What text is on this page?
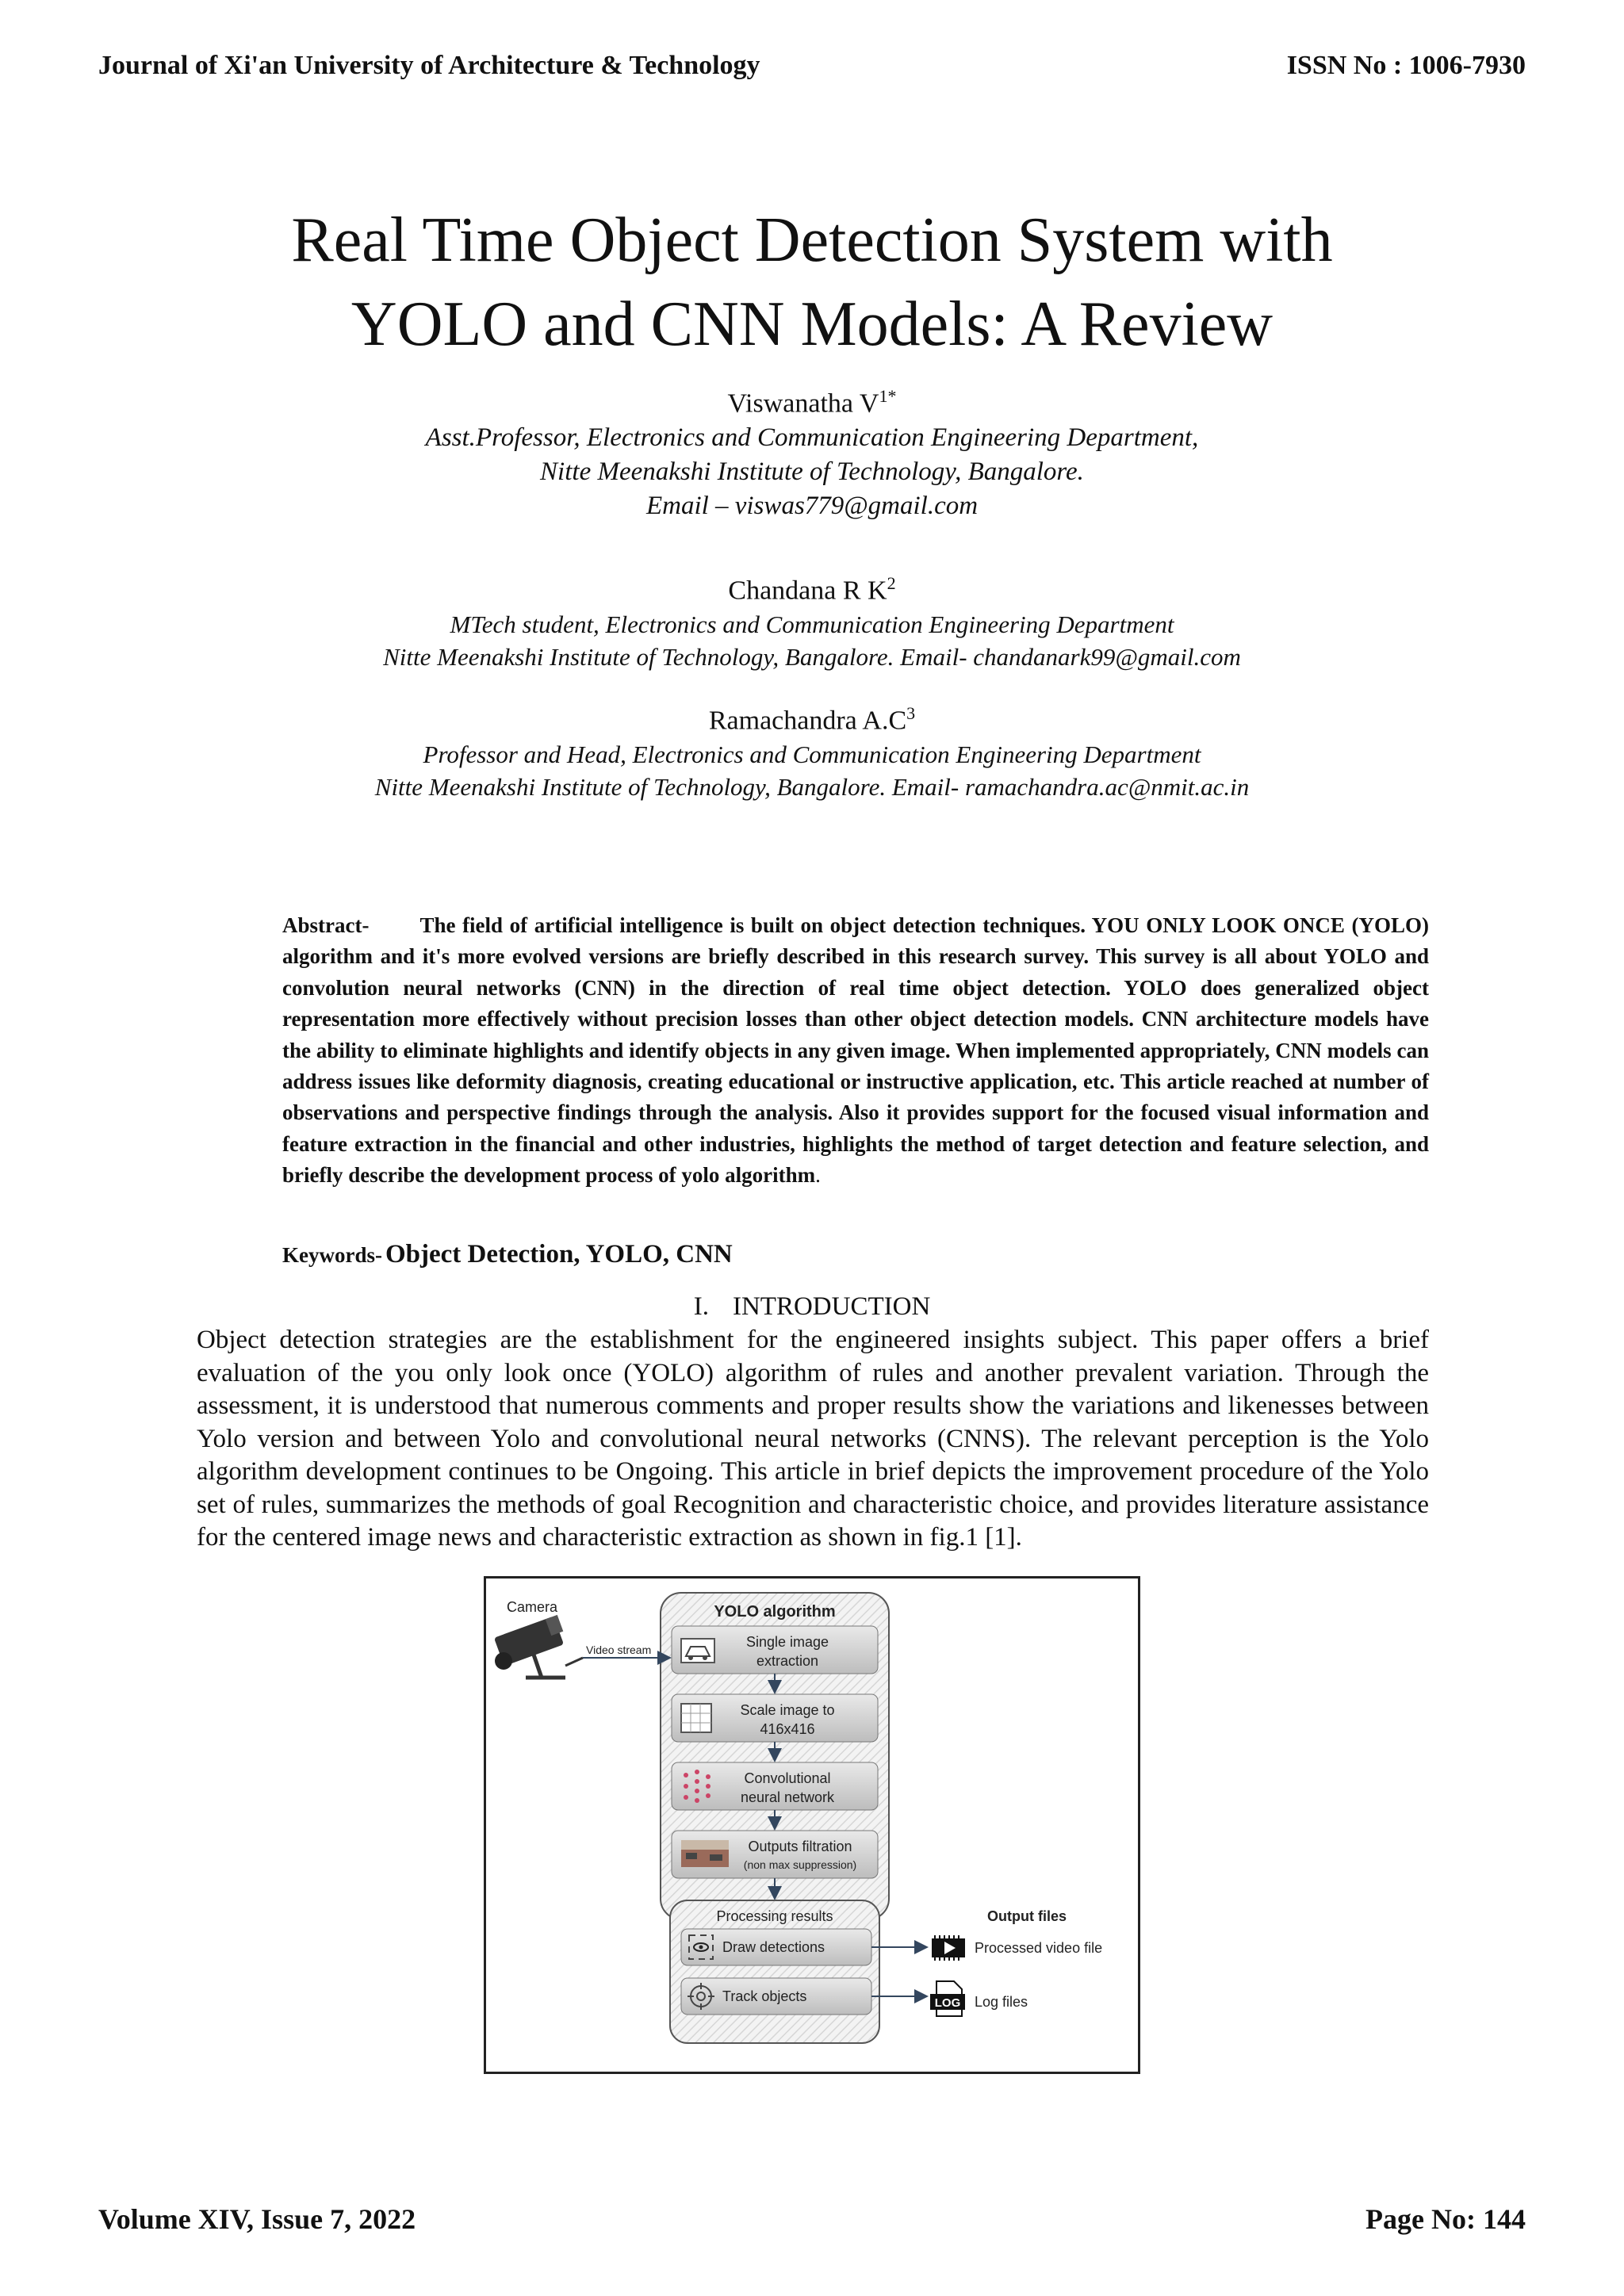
Journal of Xi'an University of Architecture & Technology	ISSN No : 1006-7930
Real Time Object Detection System with
YOLO and CNN Models: A Review
Viswanatha $V^{1*}$
Asst.Professor, Electronics and Communication Engineering Department,
Nitte Meenakshi Institute of Technology, Bangalore.
Email – viswas779@gmail.com
Chandana R $K^2$
MTech student, Electronics and Communication Engineering Department
Nitte Meenakshi Institute of Technology, Bangalore. Email- chandanark99@gmail.com
Ramachandra $A.C^3$
Professor and Head, Electronics and Communication Engineering Department
Nitte Meenakshi Institute of Technology, Bangalore. Email- ramachandra.ac@nmit.ac.in

Abstract- The field of artificial intelligence is built on object detection techniques. YOU ONLY LOOK ONCE (YOLO) algorithm and it's more evolved versions are briefly described in this research survey. This survey is all about YOLO and convolution neural networks (CNN) in the direction of real time object detection. YOLO does generalized object representation more effectively without precision losses than other object detection models. CNN architecture models have the ability to eliminate highlights and identify objects in any given image. When implemented appropriately, CNN models can address issues like deformity diagnosis, creating educational or instructive application, etc. This article reached at number of observations and perspective findings through the analysis. Also it provides support for the focused visual information and feature extraction in the financial and other industries, highlights the method of target detection and feature selection, and briefly describe the development process of yolo algorithm.

Keywords- Object Detection, YOLO, CNN
I. INTRODUCTION

Object detection strategies are the establishment for the engineered insights subject. This paper offers a brief evaluation of the you only look once (YOLO) algorithm of rules and another prevalent variation. Through the assessment, it is understood that numerous comments and proper results show the variations and likenesses between Yolo version and between Yolo and convolutional neural networks (CNNS). The relevant perception is the Yolo algorithm development continues to be Ongoing. This article in brief depicts the improvement procedure of the Yolo set of rules, summarizes the methods of goal Recognition and characteristic choice, and provides literature assistance for the centered image news and characteristic extraction as shown in fig.1 [1].

Camera	YOLO algorithm
Video stream	Single image
extraction
Scale image to
416x416
Convolutional
neural network
Outputs filtration
(non max suppression)
Processing results
Draw detections
Track objects
Output files
Processed video file
LOG Log files
Volume XIV, Issue 7, 2022	Page No: 144
